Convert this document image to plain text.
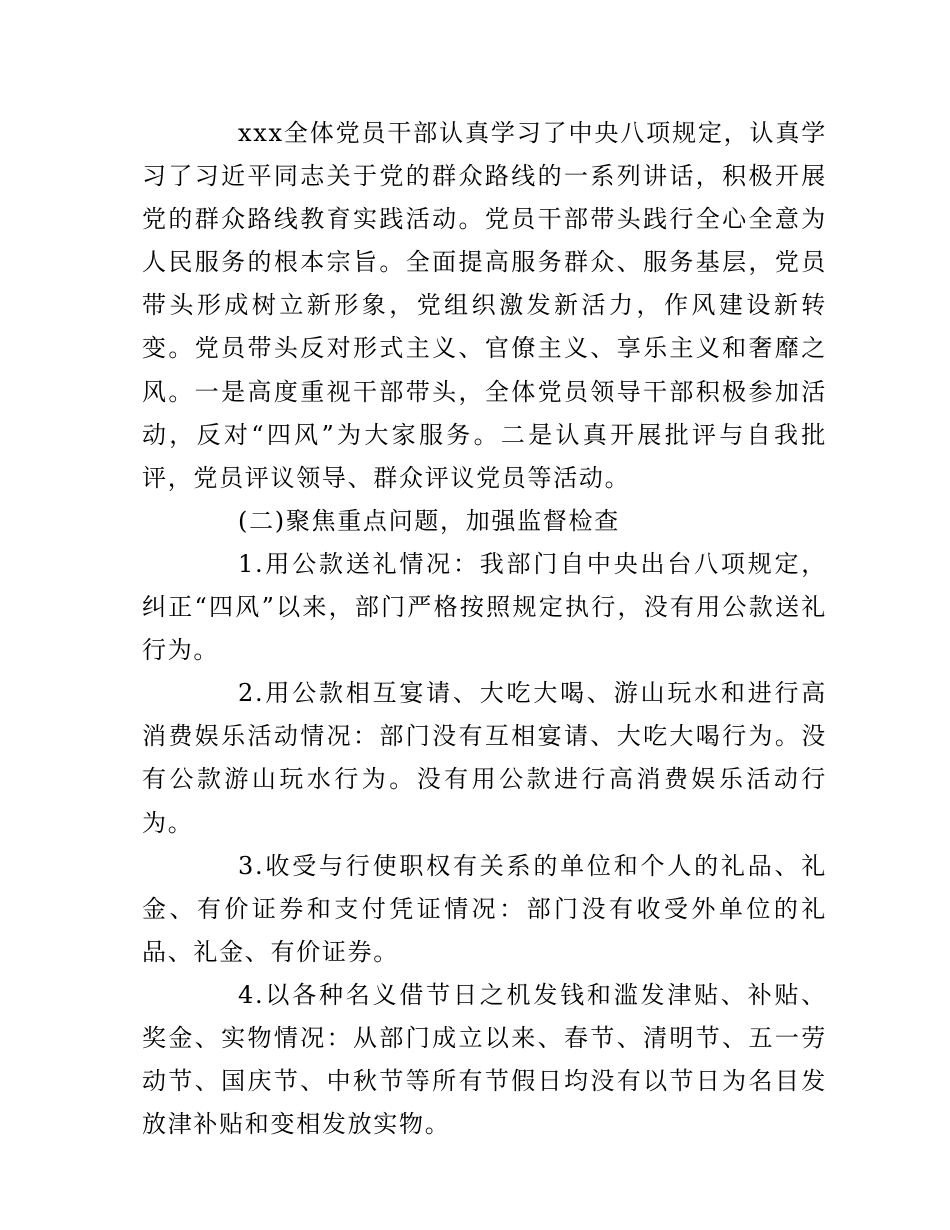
xxx全体党员干部认真学习了中央八项规定，认真学习了习近平同志关于党的群众路线的一系列讲话，积极开展党的群众路线教育实践活动。党员干部带头践行全心全意为人民服务的根本宗旨。全面提高服务群众、服务基层，党员带头形成树立新形象，党组织激发新活力，作风建设新转变。党员带头反对形式主义、官僚主义、享乐主义和奢靡之风。一是高度重视干部带头，全体党员领导干部积极参加活动，反对“四风”为大家服务。二是认真开展批评与自我批评，党员评议领导、群众评议党员等活动。

(二)聚焦重点问题，加强监督检查

1.用公款送礼情况：我部门自中央出台八项规定，纠正“四风”以来，部门严格按照规定执行，没有用公款送礼行为。

2.用公款相互宴请、大吃大喝、游山玩水和进行高消费娱乐活动情况：部门没有互相宴请、大吃大喝行为。没有公款游山玩水行为。没有用公款进行高消费娱乐活动行为。

3.收受与行使职权有关系的单位和个人的礼品、礼金、有价证券和支付凭证情况：部门没有收受外单位的礼品、礼金、有价证券。

4.以各种名义借节日之机发钱和滥发津贴、补贴、奖金、实物情况：从部门成立以来、春节、清明节、五一劳动节、国庆节、中秋节等所有节假日均没有以节日为名目发放津补贴和变相发放实物。
